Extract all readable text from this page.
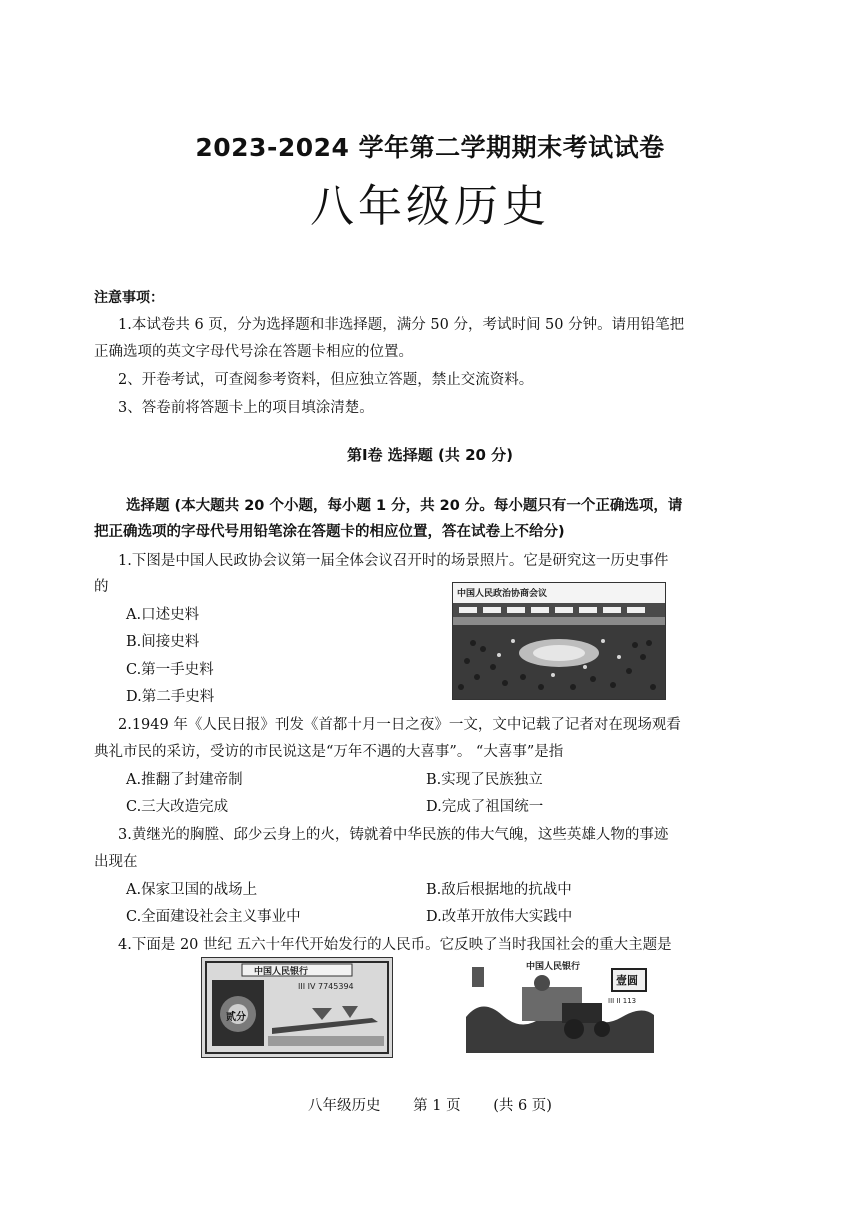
2023-2024 学年第二学期期末考试试卷
八年级历史
注意事项：
1.本试卷共 6 页，分为选择题和非选择题，满分 50 分，考试时间 50 分钟。请用铅笔把
正确选项的英文字母代号涂在答题卡相应的位置。
2、开卷考试，可查阅参考资料，但应独立答题，禁止交流资料。
3、答卷前将答题卡上的项目填涂清楚。
第Ⅰ卷 选择题 (共 20 分)
选择题 (本大题共 20 个小题，每小题 1 分，共 20 分。每小题只有一个正确选项，请
把正确选项的字母代号用铅笔涂在答题卡的相应位置，答在试卷上不给分)
1.下图是中国人民政协会议第一届全体会议召开时的场景照片。它是研究这一历史事件
的
A.口述史料
B.间接史料
C.第一手史料
D.第二手史料
中国人民政治协商会议
2.1949 年《人民日报》刊发《首都十月一日之夜》一文，文中记载了记者对在现场观看
典礼市民的采访，受访的市民说这是“万年不遇的大喜事”。 “大喜事”是指
A.推翻了封建帝制	B.实现了民族独立
C.三大改造完成	D.完成了祖国统一
3.黄继光的胸膛、邱少云身上的火，铸就着中华民族的伟大气魄，这些英雄人物的事迹
出现在
A.保家卫国的战场上	B.敌后根据地的抗战中
C.全面建设社会主义事业中	D.改革开放伟大实践中
4.下面是 20 世纪 五六十年代开始发行的人民币。它反映了当时我国社会的重大主题是
中国人民银行
III IV 7745394
贰分
中国人民银行
壹圆
III II 113
八年级历史 第 1 页 (共 6 页)
